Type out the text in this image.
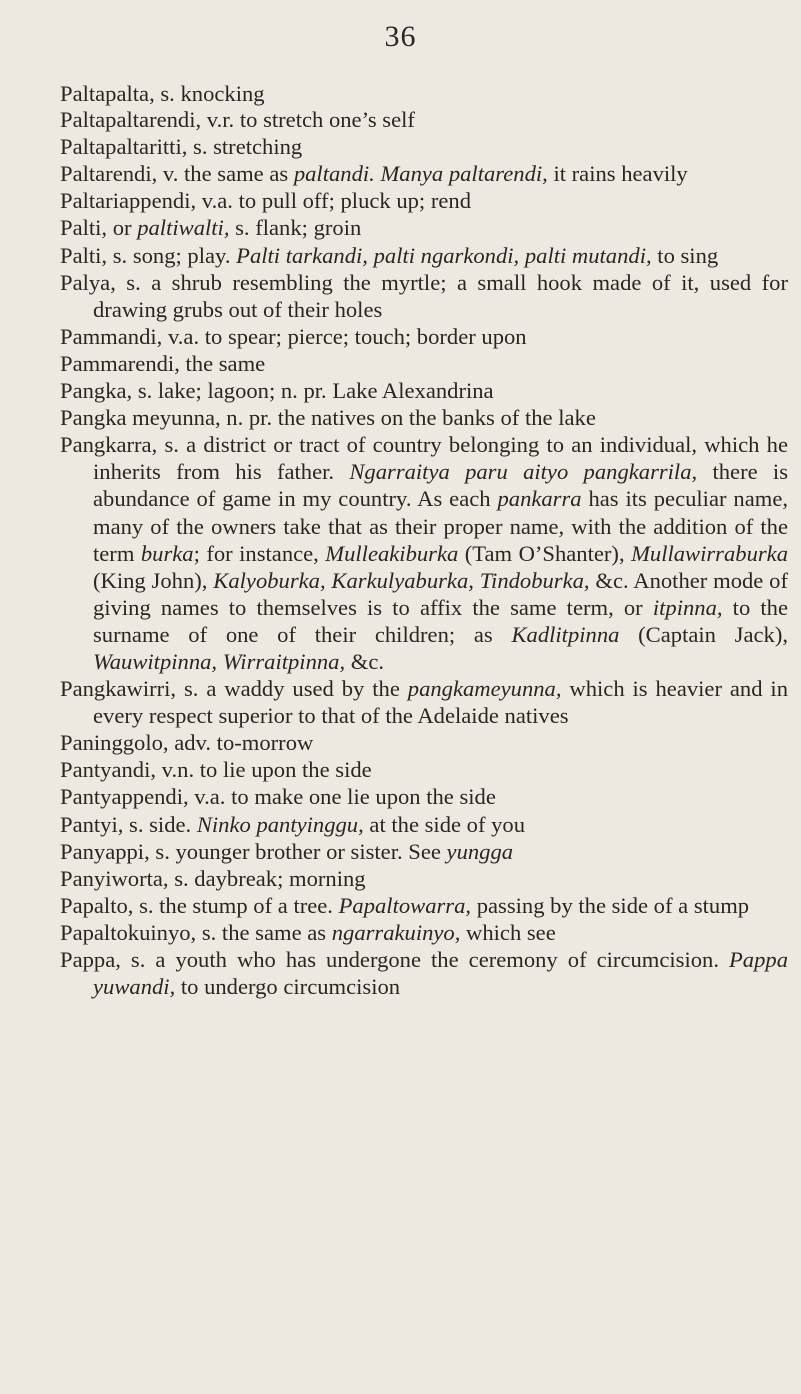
36

Paltapalta, s. knocking

Paltapaltarendi, v.r. to stretch one’s self

Paltapaltaritti, s. stretching

Paltarendi, v. the same as paltandi. Manya paltarendi, it rains heavily

Paltariappendi, v.a. to pull off; pluck up; rend

Palti, or paltiwalti, s. flank; groin

Palti, s. song; play. Palti tarkandi, palti ngarkondi, palti mutandi, to sing

Palya, s. a shrub resembling the myrtle; a small hook made of it, used for drawing grubs out of their holes

Pammandi, v.a. to spear; pierce; touch; border upon

Pammarendi, the same

Pangka, s. lake; lagoon; n. pr. Lake Alexandrina

Pangka meyunna, n. pr. the natives on the banks of the lake

Pangkarra, s. a district or tract of country belonging to an individual, which he inherits from his father. Ngarraitya paru aityo pangkarrila, there is abundance of game in my country. As each pankarra has its peculiar name, many of the owners take that as their proper name, with the addition of the term burka; for instance, Mulleakiburka (Tam O’Shanter), Mullawirraburka (King John), Kalyoburka, Karkulyaburka, Tindoburka, &c. Another mode of giving names to themselves is to affix the same term, or itpinna, to the surname of one of their children; as Kadlitpinna (Captain Jack), Wauwitpinna, Wirraitpinna, &c.

Pangkawirri, s. a waddy used by the pangkameyunna, which is heavier and in every respect superior to that of the Adelaide natives

Paninggolo, adv. to-morrow

Pantyandi, v.n. to lie upon the side

Pantyappendi, v.a. to make one lie upon the side

Pantyi, s. side. Ninko pantyinggu, at the side of you

Panyappi, s. younger brother or sister. See yungga

Panyiworta, s. daybreak; morning

Papalto, s. the stump of a tree. Papaltowarra, passing by the side of a stump

Papaltokuinyo, s. the same as ngarrakuinyo, which see

Pappa, s. a youth who has undergone the ceremony of circumcision. Pappa yuwandi, to undergo circumcision
